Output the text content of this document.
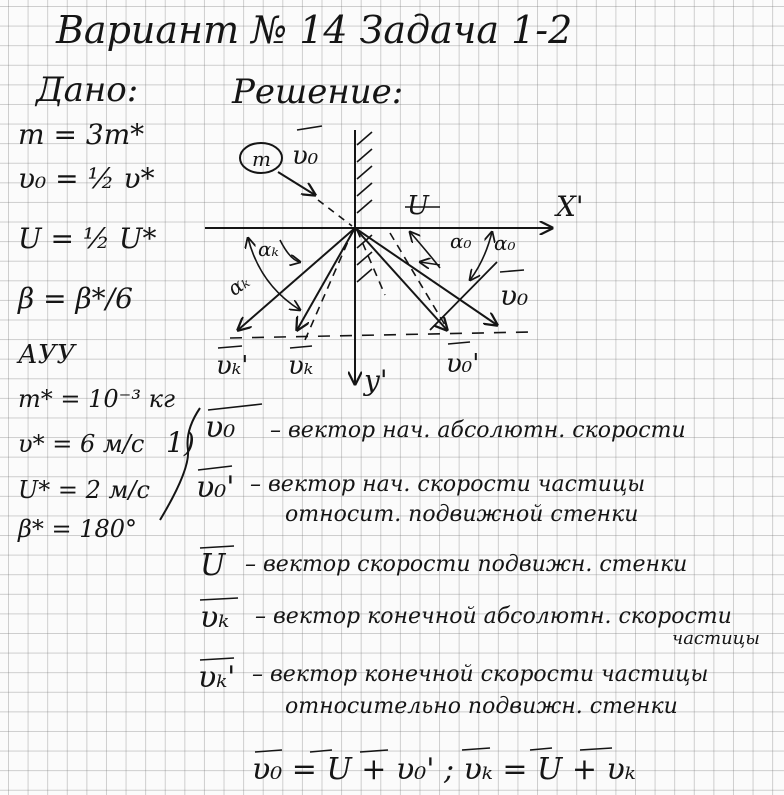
Вариант № 14 Задача 1-2
Дано:
m = 3m*
υ₀ = ½ υ*
U = ½ U*
β = β*/6
АУУ
m* = 10⁻³ кг
υ* = 6 м/с
U* = 2 м/с
β* = 180°
Решение:
m υ₀
U	X'
y'
αₖ
αₖ	α₀ α₀
υ₀
υₖ' υₖ	υ₀'
1) υ₀ – вектор нач. абсолютн. скорости
υ₀' – вектор нач. скорости частицы
относит. подвижной стенки
U – вектор скорости подвижн. стенки
υₖ – вектор конечной абсолютн. скорости
частицы
υₖ' – вектор конечной скорости частицы
относительно подвижн. стенки
υ₀ = U + υ₀' ; υₖ = U + υₖ
